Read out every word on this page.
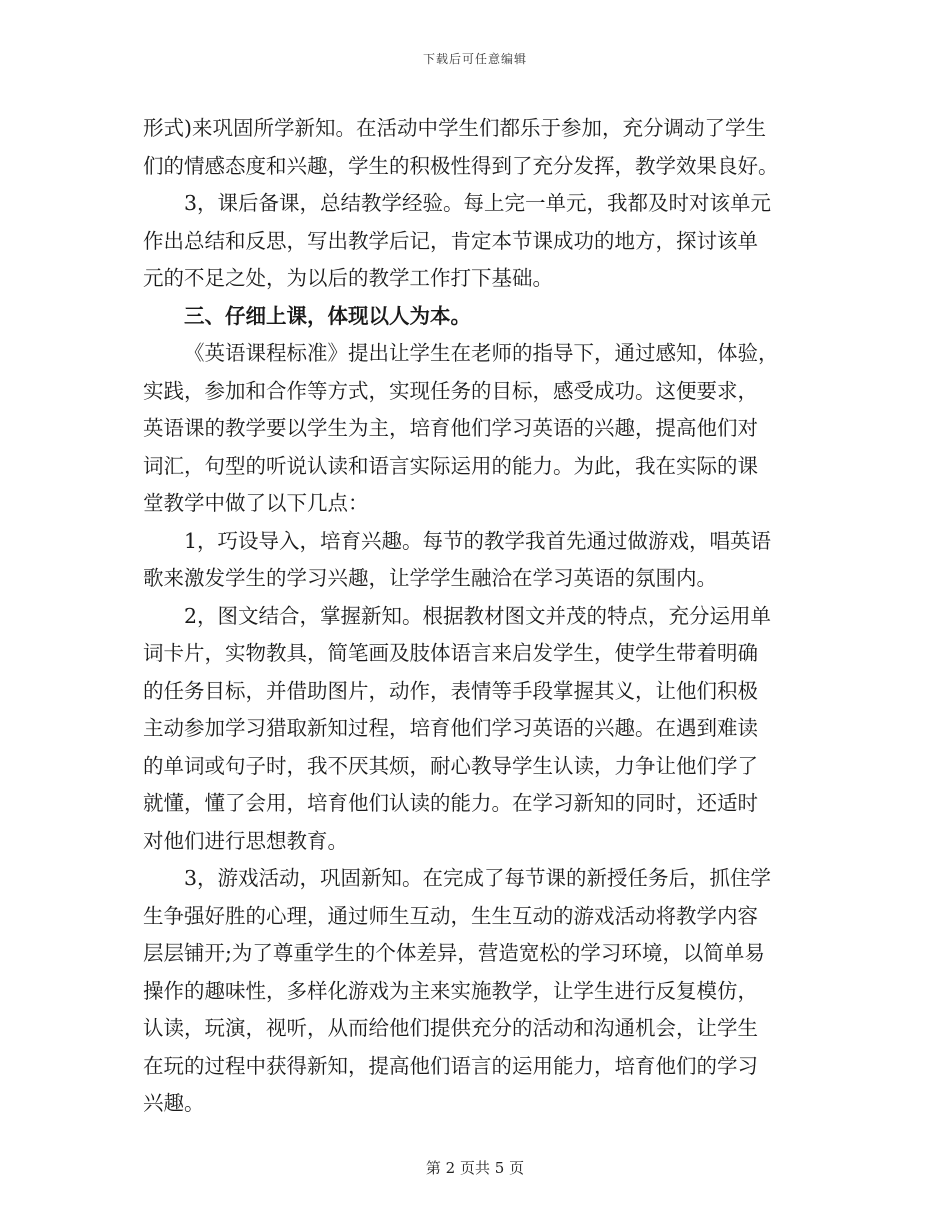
下载后可任意编辑
形式)来巩固所学新知。在活动中学生们都乐于参加，充分调动了学生
们的情感态度和兴趣，学生的积极性得到了充分发挥，教学效果良好。
3，课后备课，总结教学经验。每上完一单元，我都及时对该单元
作出总结和反思，写出教学后记，肯定本节课成功的地方，探讨该单
元的不足之处，为以后的教学工作打下基础。
三、仔细上课，体现以人为本。
《英语课程标准》提出让学生在老师的指导下，通过感知，体验，
实践，参加和合作等方式，实现任务的目标，感受成功。这便要求，
英语课的教学要以学生为主，培育他们学习英语的兴趣，提高他们对
词汇，句型的听说认读和语言实际运用的能力。为此，我在实际的课
堂教学中做了以下几点：
1，巧设导入，培育兴趣。每节的教学我首先通过做游戏，唱英语
歌来激发学生的学习兴趣，让学学生融洽在学习英语的氛围内。
2，图文结合，掌握新知。根据教材图文并茂的特点，充分运用单
词卡片，实物教具，简笔画及肢体语言来启发学生，使学生带着明确
的任务目标，并借助图片，动作，表情等手段掌握其义，让他们积极
主动参加学习猎取新知过程，培育他们学习英语的兴趣。在遇到难读
的单词或句子时，我不厌其烦，耐心教导学生认读，力争让他们学了
就懂，懂了会用，培育他们认读的能力。在学习新知的同时，还适时
对他们进行思想教育。
3，游戏活动，巩固新知。在完成了每节课的新授任务后，抓住学
生争强好胜的心理，通过师生互动，生生互动的游戏活动将教学内容
层层铺开;为了尊重学生的个体差异，营造宽松的学习环境，以简单易
操作的趣味性，多样化游戏为主来实施教学，让学生进行反复模仿，
认读，玩演，视听，从而给他们提供充分的活动和沟通机会，让学生
在玩的过程中获得新知，提高他们语言的运用能力，培育他们的学习
兴趣。
第 2 页共 5 页
